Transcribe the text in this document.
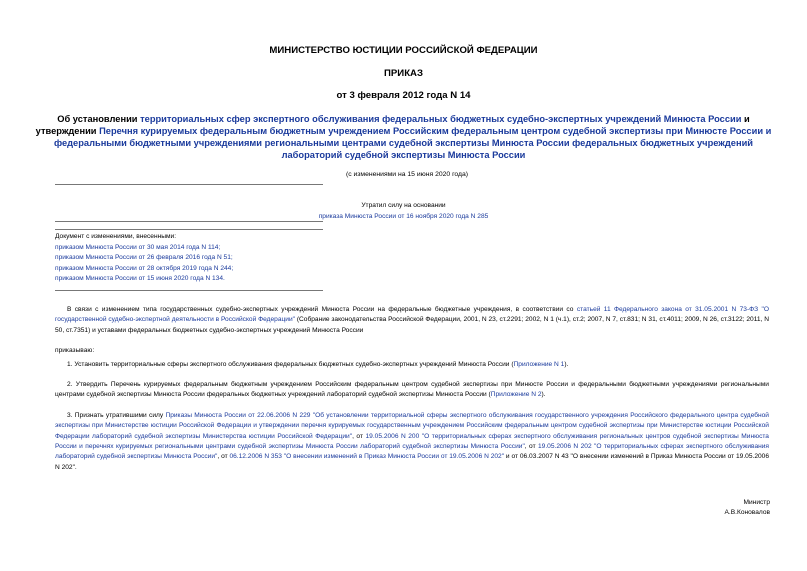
МИНИСТЕРСТВО ЮСТИЦИИ РОССИЙСКОЙ ФЕДЕРАЦИИ
ПРИКАЗ
от 3 февраля 2012 года N 14
Об установлении территориальных сфер экспертного обслуживания федеральных бюджетных судебно-экспертных учреждений Минюста России и утверждении Перечня курируемых федеральным бюджетным учреждением Российским федеральным центром судебной экспертизы при Минюсте России и федеральными бюджетными учреждениями региональными центрами судебной экспертизы Минюста России федеральных бюджетных учреждений лабораторий судебной экспертизы Минюста России
(с изменениями на 15 июня 2020 года)
Утратил силу на основании
приказа Минюста России от 16 ноября 2020 года N 285
Документ с изменениями, внесенными:
приказом Минюста России от 30 мая 2014 года N 114;
приказом Минюста России от 26 февраля 2016 года N 51;
приказом Минюста России от 28 октября 2019 года N 244;
приказом Минюста России от 15 июня 2020 года N 134.

В связи с изменением типа государственных судебно-экспертных учреждений Минюста России на федеральные бюджетные учреждения, в соответствии со статьей 11 Федерального закона от 31.05.2001 N 73-ФЗ "О государственной судебно-экспертной деятельности в Российской Федерации" (Собрание законодательства Российской Федерации, 2001, N 23, ст.2291; 2002, N 1 (ч.1), ст.2; 2007, N 7, ст.831; N 31, ст.4011; 2009, N 26, ст.3122; 2011, N 50, ст.7351) и уставами федеральных бюджетных судебно-экспертных учреждений Минюста России

приказываю:

1. Установить территориальные сферы экспертного обслуживания федеральных бюджетных судебно-экспертных учреждений Минюста России (Приложение N 1).

2. Утвердить Перечень курируемых федеральным бюджетным учреждением Российским федеральным центром судебной экспертизы при Минюсте России и федеральными бюджетными учреждениями региональными центрами судебной экспертизы Минюста России федеральных бюджетных учреждений лабораторий судебной экспертизы Минюста России (Приложение N 2).

3. Признать утратившими силу Приказы Минюста России от 22.06.2006 N 229 "Об установлении территориальной сферы экспертного обслуживания государственного учреждения Российского федерального центра судебной экспертизы при Министерстве юстиции Российской Федерации и утверждении перечня курируемых государственным учреждением Российским федеральным центром судебной экспертизы при Министерстве юстиции Российской Федерации лабораторий судебной экспертизы Министерства юстиции Российской Федерации", от 19.05.2006 N 200 "О территориальных сферах экспертного обслуживания региональных центров судебной экспертизы Минюста России и перечнях курируемых региональными центрами судебной экспертизы Минюста России лабораторий судебной экспертизы Минюста России", от 19.05.2006 N 202 "О территориальных сферах экспертного обслуживания лабораторий судебной экспертизы Минюста России", от 06.12.2006 N 353 "О внесении изменений в Приказ Минюста России от 19.05.2006 N 202" и от 06.03.2007 N 43 "О внесении изменений в Приказ Минюста России от 19.05.2006 N 202".

Министр
А.В.Коновалов
